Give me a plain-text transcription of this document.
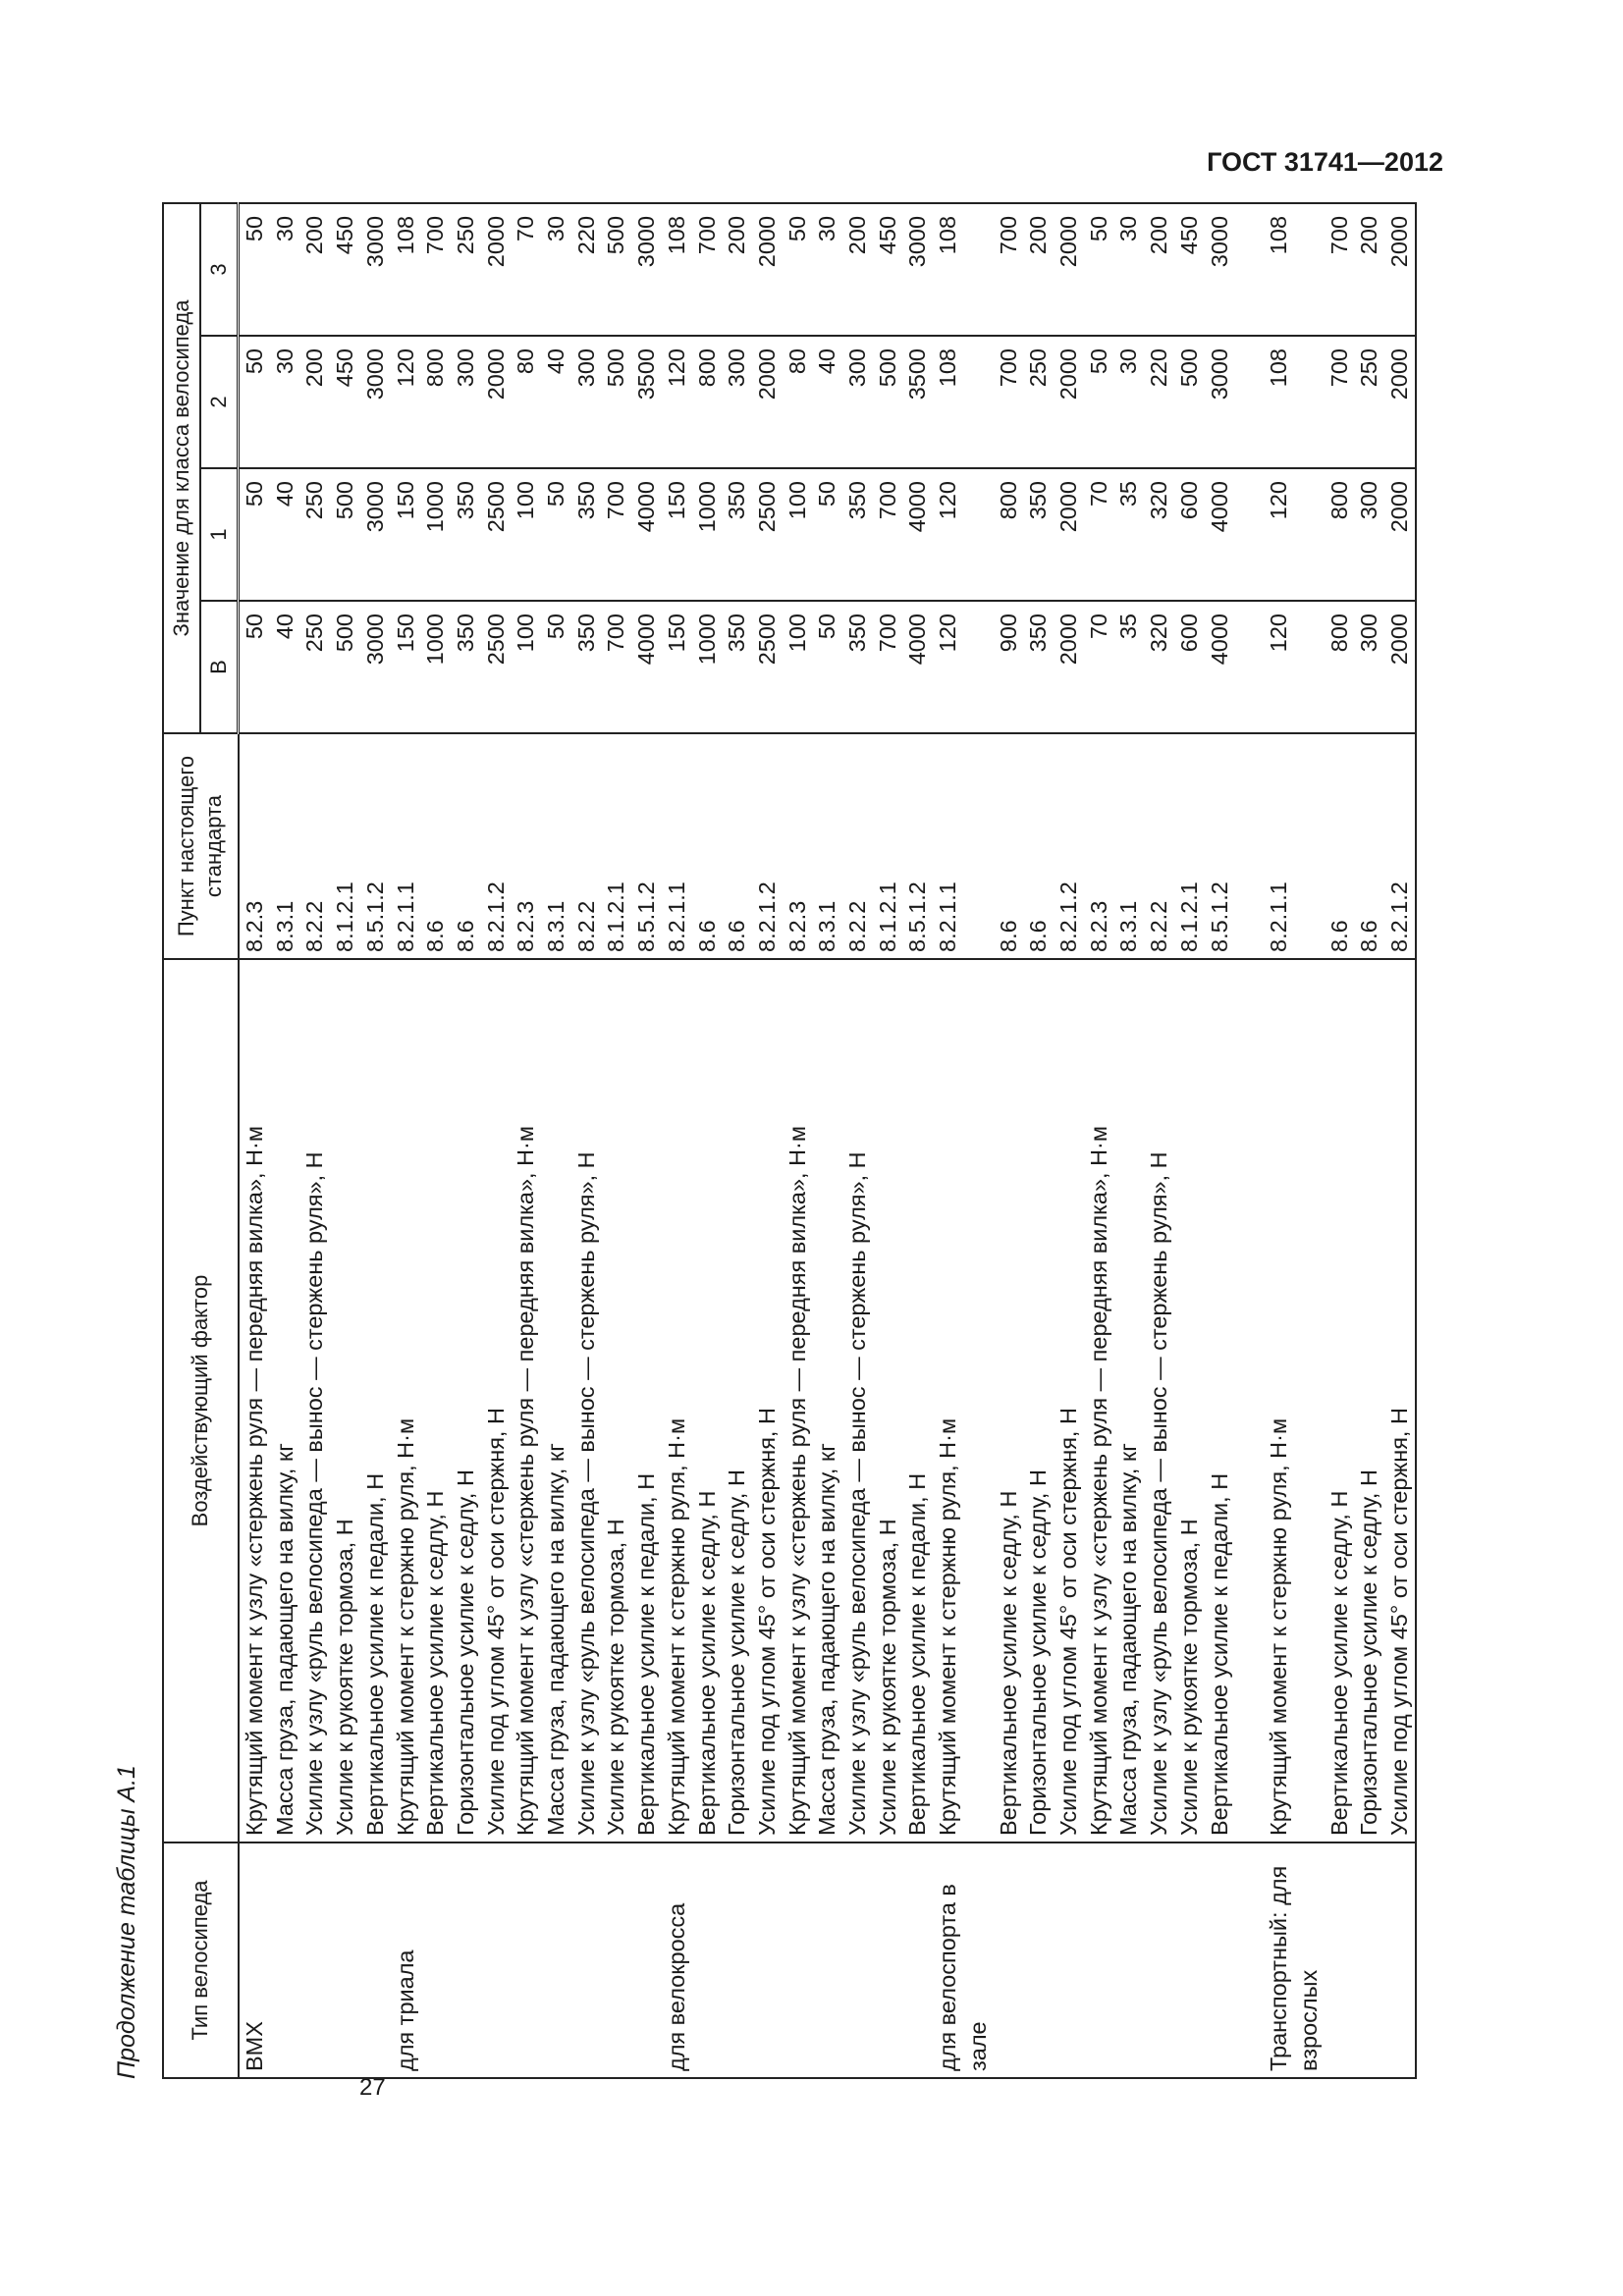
ГОСТ 31741—2012
27
Продолжение таблицы А.1 Тип велосипеда	Воздействующий фактор	Пункт настоящего стандарта	Значение для класса велосипеда			
			В	1	2	3
BMX	Крутящий момент к узлу «стержень руля — передняя вилка», Н·м	8.2.3	50	50	50	50
	Масса груза, падающего на вилку, кг	8.3.1	40	40	30	30
	Усилие к узлу «руль велосипеда — вынос — стержень руля», Н	8.2.2	250	250	200	200
	Усилие к рукоятке тормоза, Н	8.1.2.1	500	500	450	450
	Вертикальное усилие к педали, Н	8.5.1.2	3000	3000	3000	3000
для триала	Крутящий момент к стержню руля, Н·м	8.2.1.1	150	150	120	108
	Вертикальное усилие к седлу, Н	8.6	1000	1000	800	700
	Горизонтальное усилие к седлу, Н	8.6	350	350	300	250
	Усилие под углом 45° от оси стержня, Н	8.2.1.2	2500	2500	2000	2000
	Крутящий момент к узлу «стержень руля — передняя вилка», Н·м	8.2.3	100	100	80	70
	Масса груза, падающего на вилку, кг	8.3.1	50	50	40	30
	Усилие к узлу «руль велосипеда — вынос — стержень руля», Н	8.2.2	350	350	300	220
	Усилие к рукоятке тормоза, Н	8.1.2.1	700	700	500	500
	Вертикальное усилие к педали, Н	8.5.1.2	4000	4000	3500	3000
для велокросса	Крутящий момент к стержню руля, Н·м	8.2.1.1	150	150	120	108
	Вертикальное усилие к седлу, Н	8.6	1000	1000	800	700
	Горизонтальное усилие к седлу, Н	8.6	350	350	300	200
	Усилие под углом 45° от оси стержня, Н	8.2.1.2	2500	2500	2000	2000
	Крутящий момент к узлу «стержень руля — передняя вилка», Н·м	8.2.3	100	100	80	50
	Масса груза, падающего на вилку, кг	8.3.1	50	50	40	30
	Усилие к узлу «руль велосипеда — вынос — стержень руля», Н	8.2.2	350	350	300	200
	Усилие к рукоятке тормоза, Н	8.1.2.1	700	700	500	450
	Вертикальное усилие к педали, Н	8.5.1.2	4000	4000	3500	3000
для велоспорта в зале	Крутящий момент к стержню руля, Н·м	8.2.1.1	120	120	108	108
	Вертикальное усилие к седлу, Н	8.6	900	800	700	700
	Горизонтальное усилие к седлу, Н	8.6	350	350	250	200
	Усилие под углом 45° от оси стержня, Н	8.2.1.2	2000	2000	2000	2000
	Крутящий момент к узлу «стержень руля — передняя вилка», Н·м	8.2.3	70	70	50	50
	Масса груза, падающего на вилку, кг	8.3.1	35	35	30	30
	Усилие к узлу «руль велосипеда — вынос — стержень руля», Н	8.2.2	320	320	220	200
	Усилие к рукоятке тормоза, Н	8.1.2.1	600	600	500	450
	Вертикальное усилие к педали, Н	8.5.1.2	4000	4000	3000	3000

Транспортный: для взрослых	Крутящий момент к стержню руля, Н·м	8.2.1.1	120	120	108	108
	Вертикальное усилие к седлу, Н	8.6	800	800	700	700
	Горизонтальное усилие к седлу, Н	8.6	300	300	250	200
	Усилие под углом 45° от оси стержня, Н	8.2.1.2	2000	2000	2000	2000
